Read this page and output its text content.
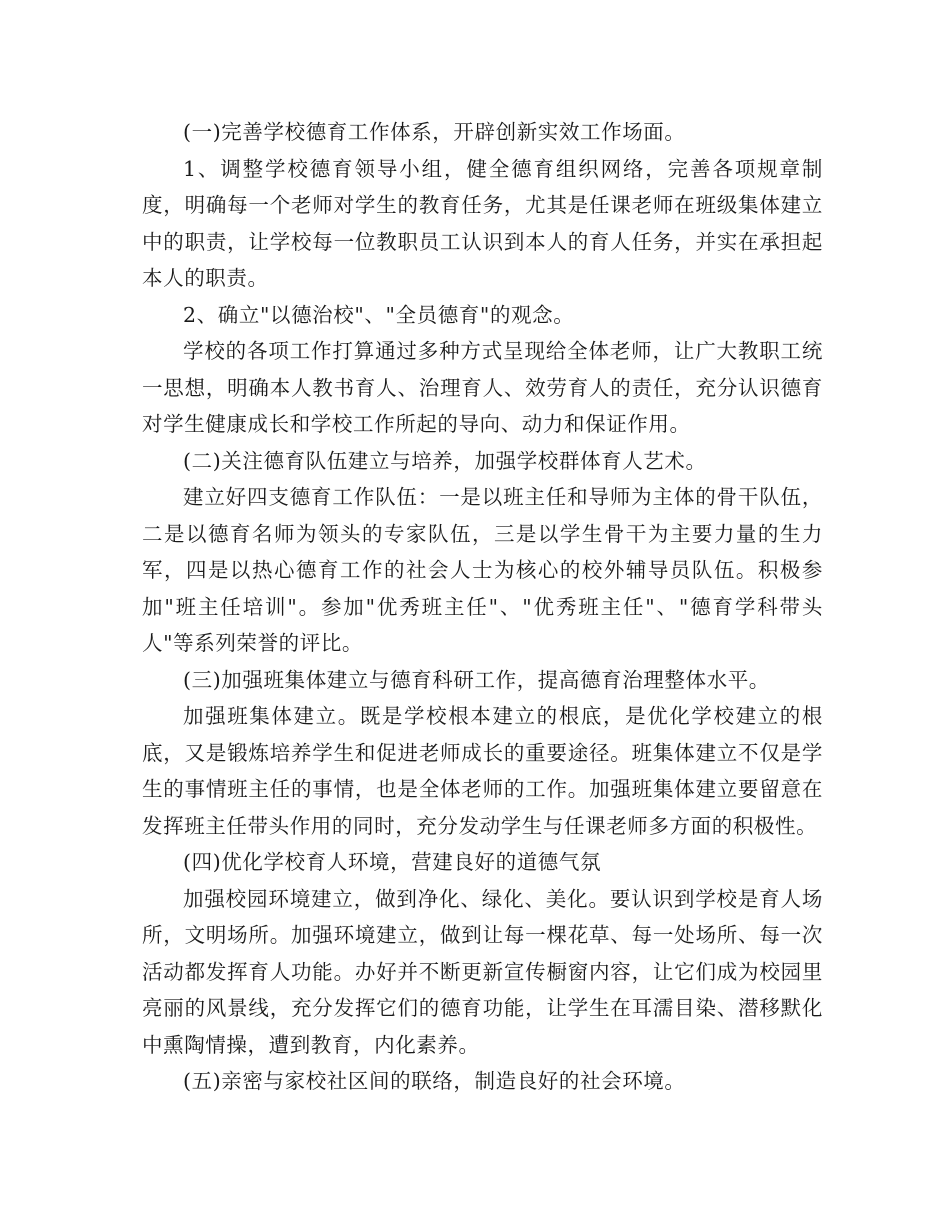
(一)完善学校德育工作体系，开辟创新实效工作场面。

1、调整学校德育领导小组，健全德育组织网络，完善各项规章制度，明确每一个老师对学生的教育任务，尤其是任课老师在班级集体建立中的职责，让学校每一位教职员工认识到本人的育人任务，并实在承担起本人的职责。

2、确立"以德治校"、"全员德育"的观念。

学校的各项工作打算通过多种方式呈现给全体老师，让广大教职工统一思想，明确本人教书育人、治理育人、效劳育人的责任，充分认识德育对学生健康成长和学校工作所起的导向、动力和保证作用。

(二)关注德育队伍建立与培养，加强学校群体育人艺术。

建立好四支德育工作队伍：一是以班主任和导师为主体的骨干队伍，二是以德育名师为领头的专家队伍，三是以学生骨干为主要力量的生力军，四是以热心德育工作的社会人士为核心的校外辅导员队伍。积极参加"班主任培训"。参加"优秀班主任"、"优秀班主任"、"德育学科带头人"等系列荣誉的评比。

(三)加强班集体建立与德育科研工作，提高德育治理整体水平。

加强班集体建立。既是学校根本建立的根底，是优化学校建立的根底，又是锻炼培养学生和促进老师成长的重要途径。班集体建立不仅是学生的事情班主任的事情，也是全体老师的工作。加强班集体建立要留意在发挥班主任带头作用的同时，充分发动学生与任课老师多方面的积极性。

(四)优化学校育人环境，营建良好的道德气氛

加强校园环境建立，做到净化、绿化、美化。要认识到学校是育人场所，文明场所。加强环境建立，做到让每一棵花草、每一处场所、每一次活动都发挥育人功能。办好并不断更新宣传橱窗内容，让它们成为校园里亮丽的风景线，充分发挥它们的德育功能，让学生在耳濡目染、潜移默化中熏陶情操，遭到教育，内化素养。

(五)亲密与家校社区间的联络，制造良好的社会环境。
